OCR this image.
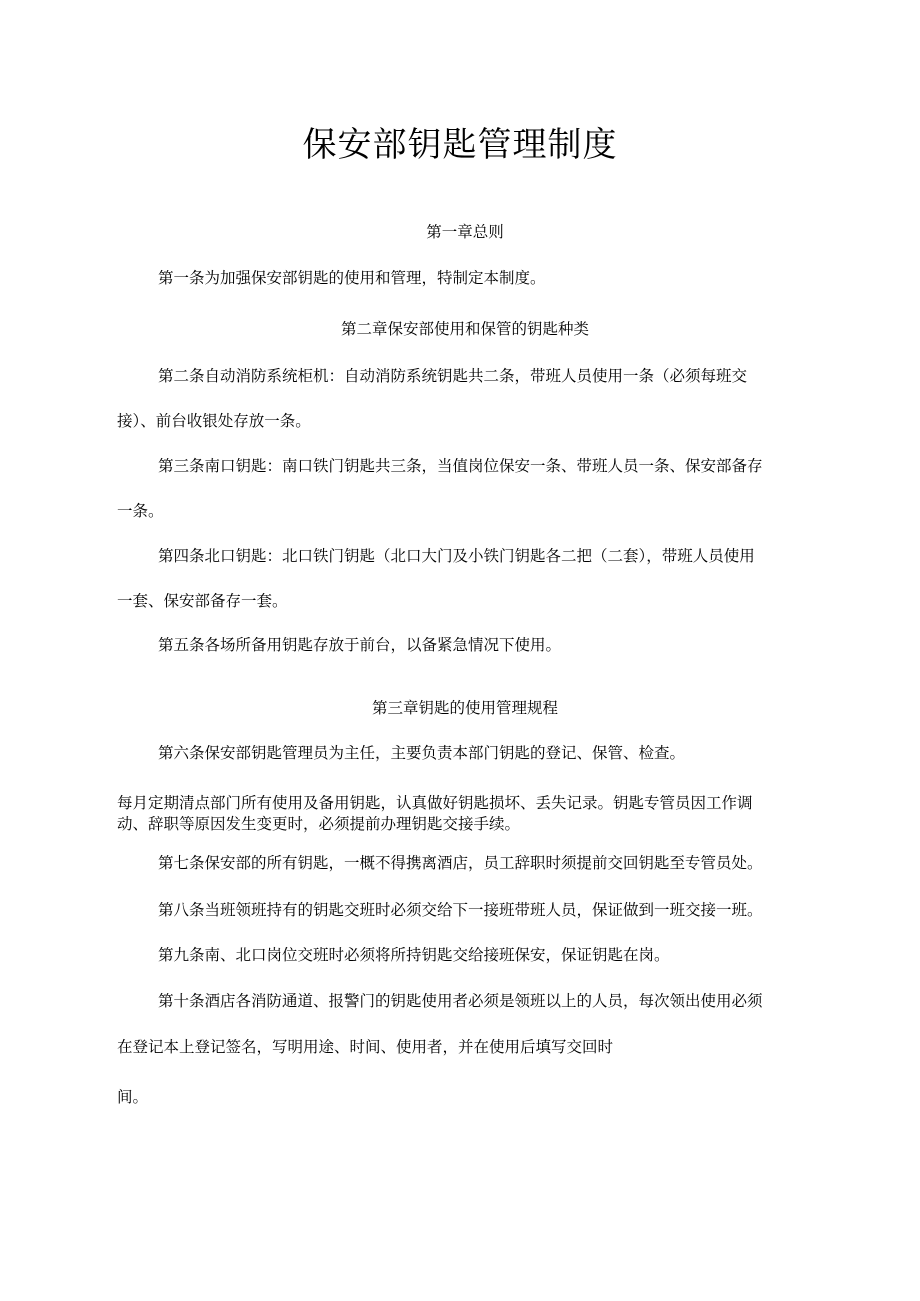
保安部钥匙管理制度
第一章总则

第一条为加强保安部钥匙的使用和管理，特制定本制度。

第二章保安部使用和保管的钥匙种类

第二条自动消防系统柜机：自动消防系统钥匙共二条，带班人员使用一条（必须每班交

接）、前台收银处存放一条。

第三条南口钥匙：南口铁门钥匙共三条，当值岗位保安一条、带班人员一条、保安部备存

一条。

第四条北口钥匙：北口铁门钥匙（北口大门及小铁门钥匙各二把（二套），带班人员使用

一套、保安部备存一套。

第五条各场所备用钥匙存放于前台，以备紧急情况下使用。

第三章钥匙的使用管理规程

第六条保安部钥匙管理员为主任，主要负责本部门钥匙的登记、保管、检查。

每月定期清点部门所有使用及备用钥匙，认真做好钥匙损坏、丢失记录。钥匙专管员因工作调
动、辞职等原因发生变更时，必须提前办理钥匙交接手续。

第七条保安部的所有钥匙，一概不得携离酒店，员工辞职时须提前交回钥匙至专管员处。

第八条当班领班持有的钥匙交班时必须交给下一接班带班人员，保证做到一班交接一班。

第九条南、北口岗位交班时必须将所持钥匙交给接班保安，保证钥匙在岗。

第十条酒店各消防通道、报警门的钥匙使用者必须是领班以上的人员，每次领出使用必须

在登记本上登记签名，写明用途、时间、使用者，并在使用后填写交回时

间。
